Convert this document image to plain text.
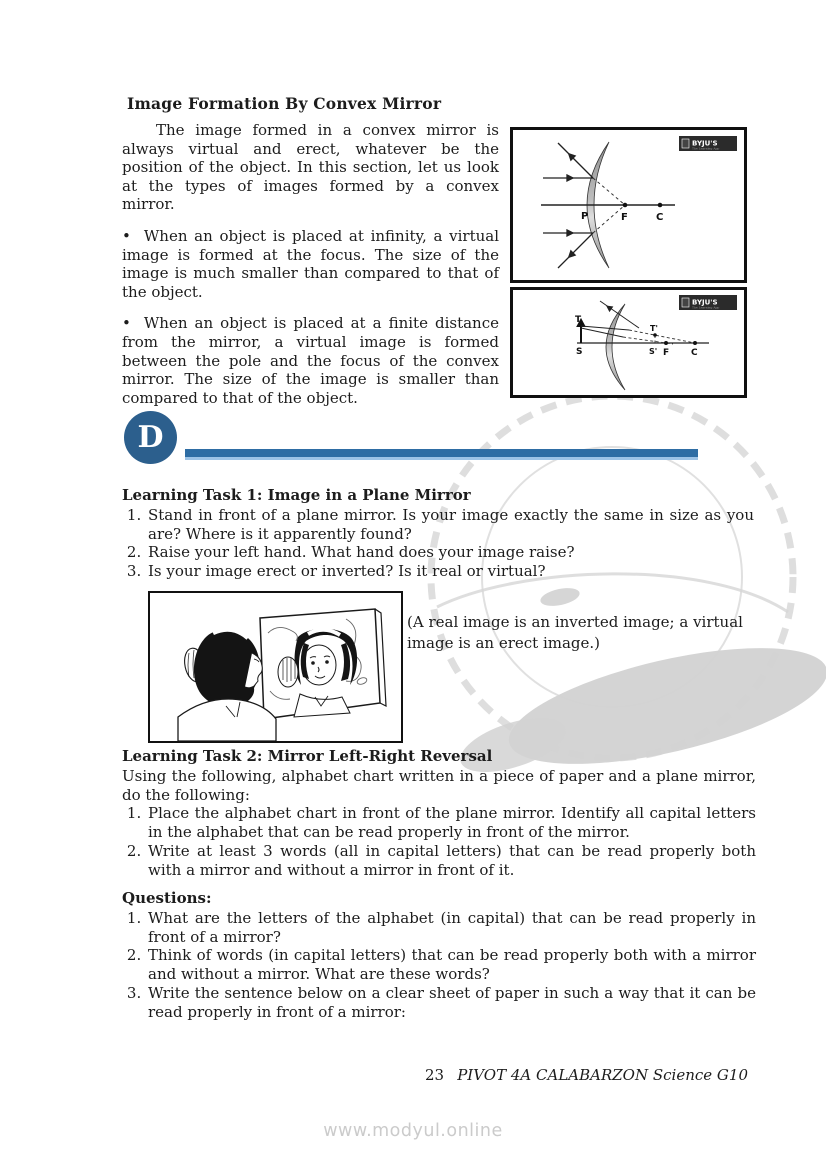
Image Formation By Convex Mirror

The image formed in a convex mirror is always virtual and erect, whatever be the position of the object. In this section, let us look at the types of images formed by a convex mirror.

• When an object is placed at infinity, a virtual image is formed at the focus. The size of the image is much smaller than compared to that of the object.
• When an object is placed at a finite distance from the mirror, a virtual image is formed between the pole and the focus of the convex mirror. The size of the image is smaller than compared to that of the object.
BYJU'S
The Learning App
P	F	C
BYJU'S
The Learning App
T
S
T'
S' F C
D
Learning Task 1: Image in a Plane Mirror
1. Stand in front of a plane mirror. Is your image exactly the same in size as you are? Where is it apparently found?
2. Raise your left hand. What hand does your image raise?
3. Is your image erect or inverted? Is it real or virtual?
(A real image is an inverted image; a virtual image is an erect image.)
Learning Task 2: Mirror Left-Right Reversal

Using the following, alphabet chart written in a piece of paper and a plane mirror, do the following:

1. Place the alphabet chart in front of the plane mirror. Identify all capital letters in the alphabet that can be read properly in front of the mirror.
2. Write at least 3 words (all in capital letters) that can be read properly both with a mirror and without a mirror in front of it.
Questions:
1. What are the letters of the alphabet (in capital) that can be read properly in front of a mirror?
2. Think of words (in capital letters) that can be read properly both with a mirror and without a mirror. What are these words?
3. Write the sentence below on a clear sheet of paper in such a way that it can be read properly in front of a mirror:
23 PIVOT 4A CALABARZON Science G10
www.modyul.online
